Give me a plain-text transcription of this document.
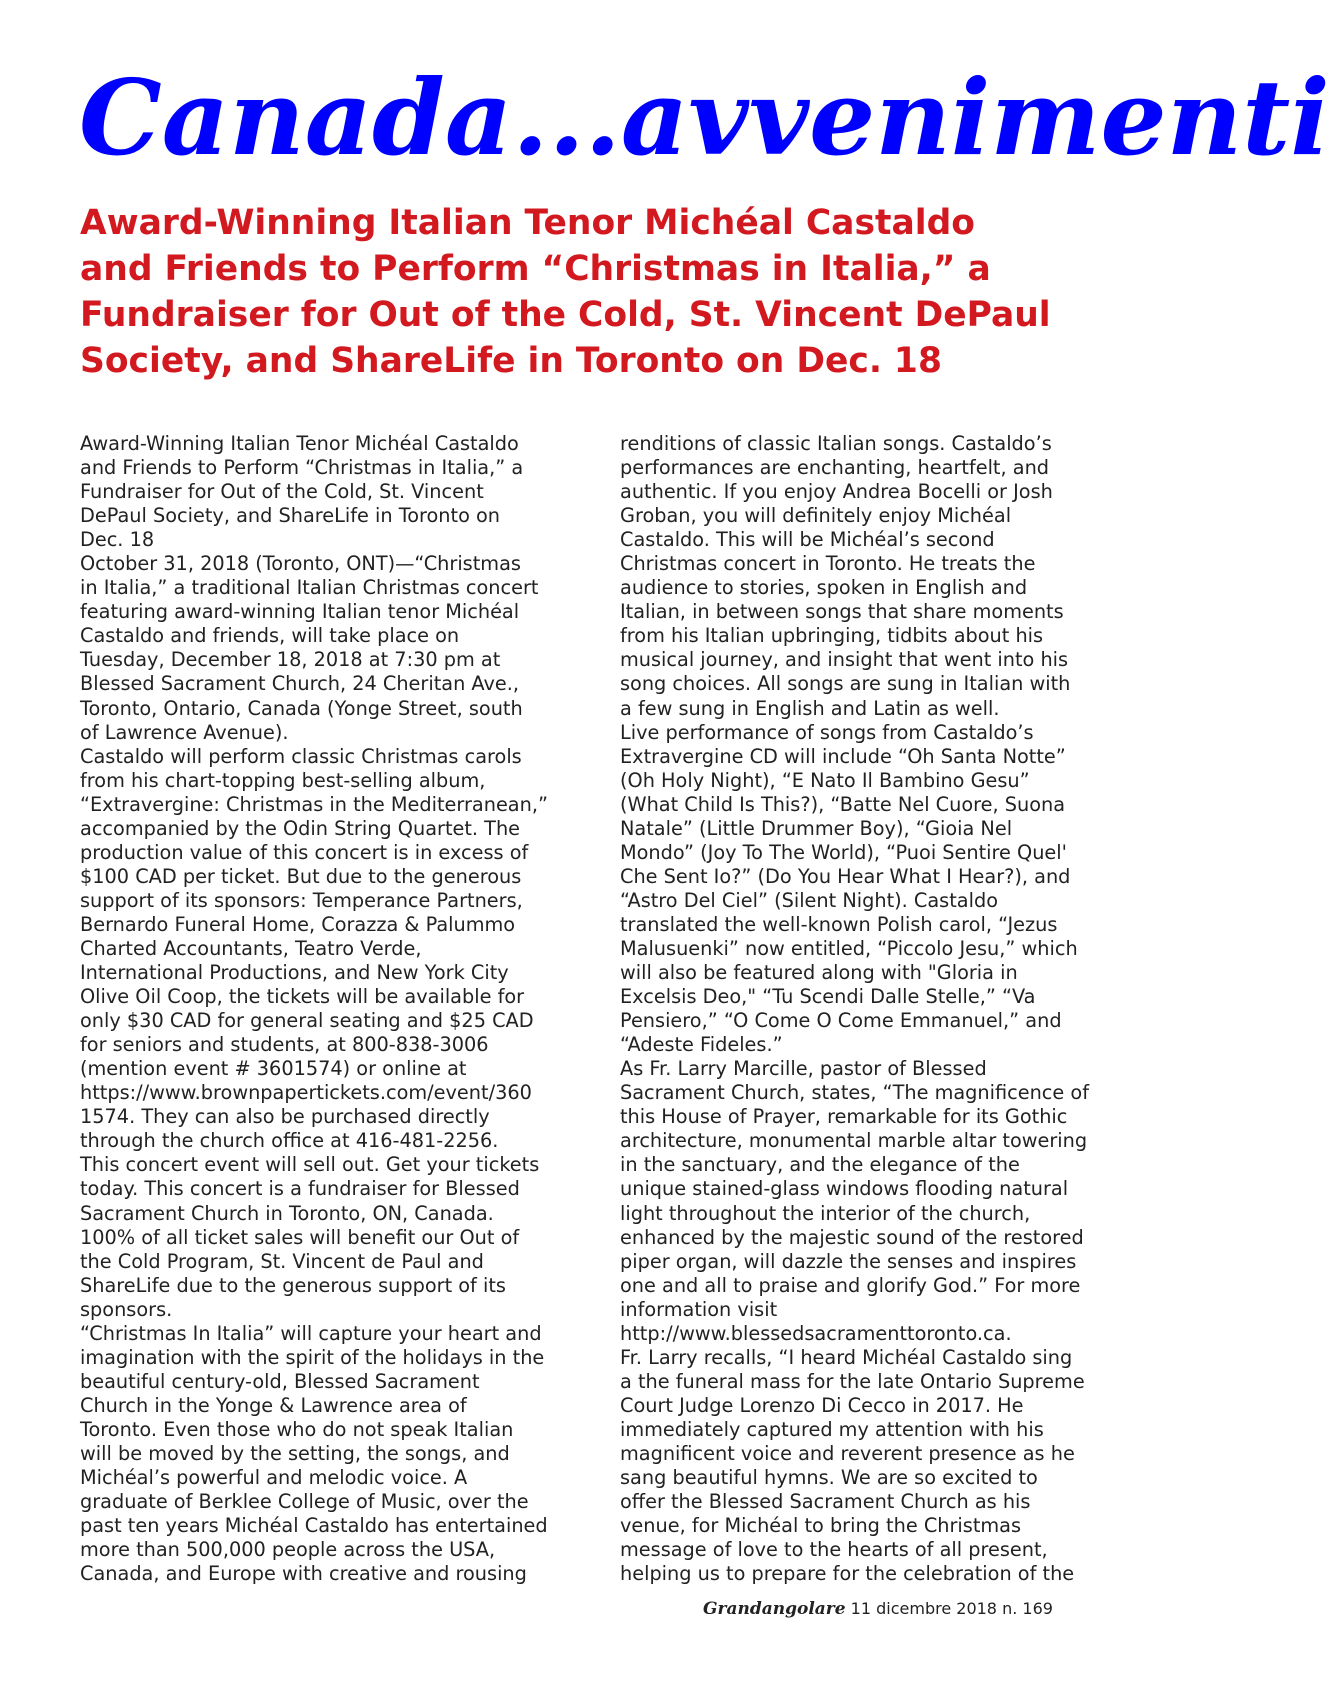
Canada...avvenimenti
Award-Winning Italian Tenor Michéal Castaldo
and Friends to Perform “Christmas in Italia,” a
Fundraiser for Out of the Cold, St. Vincent DePaul
Society, and ShareLife in Toronto on Dec. 18
Award-Winning Italian Tenor Michéal Castaldo
and Friends to Perform “Christmas in Italia,” a
Fundraiser for Out of the Cold, St. Vincent
DePaul Society, and ShareLife in Toronto on
Dec. 18
October 31, 2018 (Toronto, ONT)—“Christmas
in Italia,” a traditional Italian Christmas concert
featuring award-winning Italian tenor Michéal
Castaldo and friends, will take place on
Tuesday, December 18, 2018 at 7:30 pm at
Blessed Sacrament Church, 24 Cheritan Ave.,
Toronto, Ontario, Canada (Yonge Street, south
of Lawrence Avenue).
Castaldo will perform classic Christmas carols
from his chart-topping best-selling album,
“Extravergine: Christmas in the Mediterranean,”
accompanied by the Odin String Quartet. The
production value of this concert is in excess of
$100 CAD per ticket. But due to the generous
support of its sponsors: Temperance Partners,
Bernardo Funeral Home, Corazza & Palummo
Charted Accountants, Teatro Verde,
International Productions, and New York City
Olive Oil Coop, the tickets will be available for
only $30 CAD for general seating and $25 CAD
for seniors and students, at 800-838-3006
(mention event # 3601574) or online at
https://www.brownpapertickets.com/event/360
1574. They can also be purchased directly
through the church office at 416-481-2256.
This concert event will sell out. Get your tickets
today. This concert is a fundraiser for Blessed
Sacrament Church in Toronto, ON, Canada.
100% of all ticket sales will benefit our Out of
the Cold Program, St. Vincent de Paul and
ShareLife due to the generous support of its
sponsors.
“Christmas In Italia” will capture your heart and
imagination with the spirit of the holidays in the
beautiful century-old, Blessed Sacrament
Church in the Yonge & Lawrence area of
Toronto. Even those who do not speak Italian
will be moved by the setting, the songs, and
Michéal’s powerful and melodic voice. A
graduate of Berklee College of Music, over the
past ten years Michéal Castaldo has entertained
more than 500,000 people across the USA,
Canada, and Europe with creative and rousing
renditions of classic Italian songs. Castaldo’s
performances are enchanting, heartfelt, and
authentic. If you enjoy Andrea Bocelli or Josh
Groban, you will definitely enjoy Michéal
Castaldo. This will be Michéal’s second
Christmas concert in Toronto. He treats the
audience to stories, spoken in English and
Italian, in between songs that share moments
from his Italian upbringing, tidbits about his
musical journey, and insight that went into his
song choices. All songs are sung in Italian with
a few sung in English and Latin as well.
Live performance of songs from Castaldo’s
Extravergine CD will include “Oh Santa Notte”
(Oh Holy Night), “E Nato Il Bambino Gesu”
(What Child Is This?), “Batte Nel Cuore, Suona
Natale” (Little Drummer Boy), “Gioia Nel
Mondo” (Joy To The World), “Puoi Sentire Quel'
Che Sent Io?” (Do You Hear What I Hear?), and
“Astro Del Ciel” (Silent Night). Castaldo
translated the well-known Polish carol, “Jezus
Malusuenki” now entitled, “Piccolo Jesu,” which
will also be featured along with "Gloria in
Excelsis Deo," “Tu Scendi Dalle Stelle,” “Va
Pensiero,” “O Come O Come Emmanuel,” and
“Adeste Fideles.”
As Fr. Larry Marcille, pastor of Blessed
Sacrament Church, states, “The magnificence of
this House of Prayer, remarkable for its Gothic
architecture, monumental marble altar towering
in the sanctuary, and the elegance of the
unique stained-glass windows flooding natural
light throughout the interior of the church,
enhanced by the majestic sound of the restored
piper organ, will dazzle the senses and inspires
one and all to praise and glorify God.” For more
information visit
http://www.blessedsacramenttoronto.ca.
Fr. Larry recalls, “I heard Michéal Castaldo sing
a the funeral mass for the late Ontario Supreme
Court Judge Lorenzo Di Cecco in 2017. He
immediately captured my attention with his
magnificent voice and reverent presence as he
sang beautiful hymns. We are so excited to
offer the Blessed Sacrament Church as his
venue, for Michéal to bring the Christmas
message of love to the hearts of all present,
helping us to prepare for the celebration of the
Grandangolare 11 dicembre 2018 n. 169
